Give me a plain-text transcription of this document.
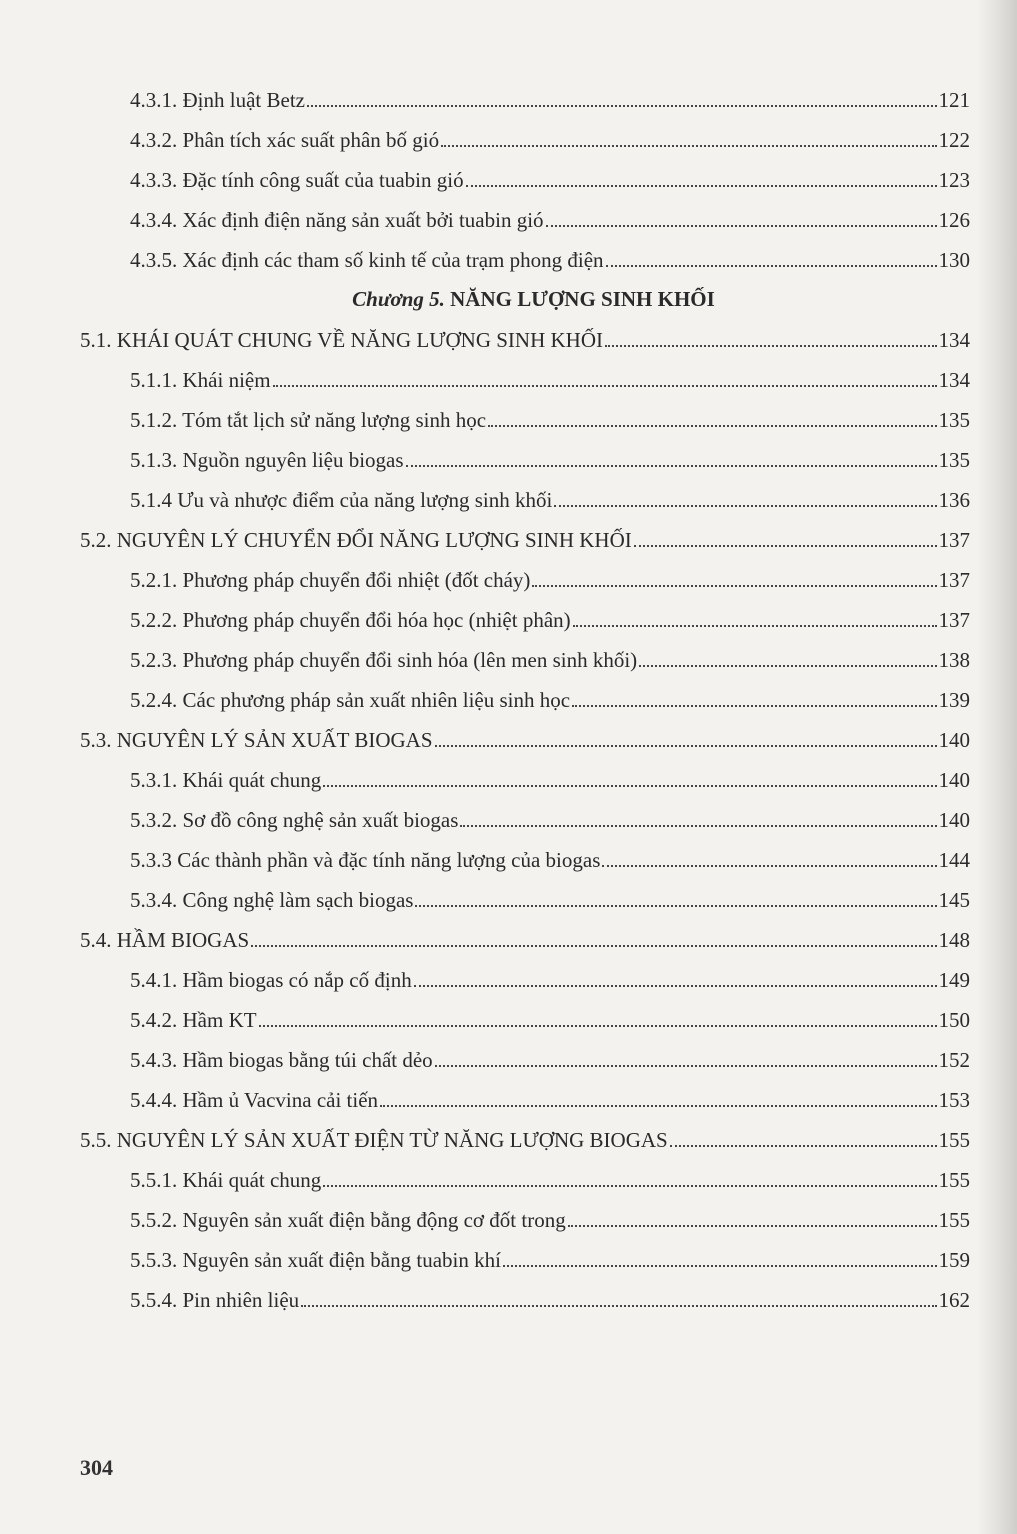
4.3.1. Định luật Betz	121
4.3.2. Phân tích xác suất phân bố gió	122
4.3.3. Đặc tính công suất của tuabin gió	123
4.3.4. Xác định điện năng sản xuất bởi tuabin gió	126
4.3.5. Xác định các tham số kinh tế của trạm phong điện	130
Chương 5.
NĂNG LƯỢNG SINH KHỐI
5.1. KHÁI QUÁT CHUNG VỀ NĂNG LƯỢNG SINH KHỐI	134
5.1.1. Khái niệm	134
5.1.2. Tóm tắt lịch sử năng lượng sinh học	135
5.1.3. Nguồn nguyên liệu biogas	135
5.1.4 Ưu và nhược điểm của năng lượng sinh khối	136
5.2. NGUYÊN LÝ CHUYỂN ĐỔI NĂNG LƯỢNG SINH KHỐI	137
5.2.1. Phương pháp chuyển đổi nhiệt (đốt cháy)	137
5.2.2. Phương pháp chuyển đổi hóa học (nhiệt phân)	137
5.2.3. Phương pháp chuyển đổi sinh hóa (lên men sinh khối)	138
5.2.4. Các phương pháp sản xuất nhiên liệu sinh học	139
5.3. NGUYÊN LÝ SẢN XUẤT BIOGAS	140
5.3.1. Khái quát chung	140
5.3.2. Sơ đồ công nghệ sản xuất biogas	140
5.3.3 Các thành phần và đặc tính năng lượng của biogas	144
5.3.4. Công nghệ làm sạch biogas	145
5.4. HẦM BIOGAS	148
5.4.1. Hầm biogas có nắp cố định	149
5.4.2. Hầm KT	150
5.4.3. Hầm biogas bằng túi chất dẻo	152
5.4.4. Hầm ủ Vacvina cải tiến	153
5.5. NGUYÊN LÝ SẢN XUẤT ĐIỆN TỪ NĂNG LƯỢNG BIOGAS	155
5.5.1. Khái quát chung	155
5.5.2. Nguyên sản xuất điện bằng động cơ đốt trong	155
5.5.3. Nguyên sản xuất điện bằng tuabin khí	159
5.5.4. Pin nhiên liệu	162
304
